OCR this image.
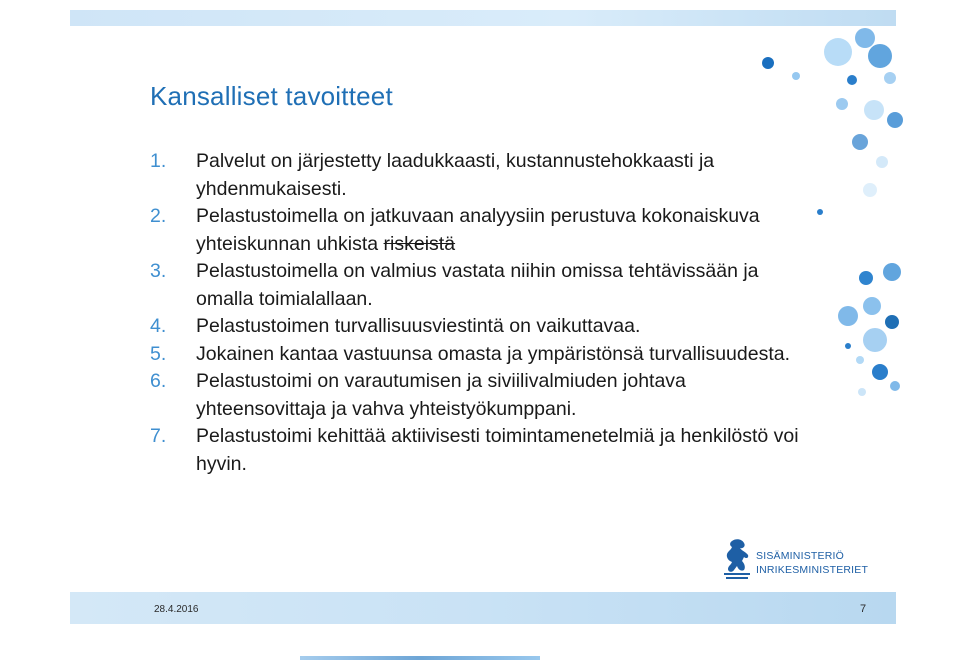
Kansalliset tavoitteet
1.	Palvelut on järjestetty laadukkaasti, kustannustehokkaasti ja yhdenmukaisesti.
2.	Pelastustoimella on jatkuvaan analyysiin perustuva kokonaiskuva yhteiskunnan uhkista riskeistä
3.	Pelastustoimella on valmius vastata niihin omissa tehtävissään ja omalla toimialallaan.
4.	Pelastustoimen turvallisuusviestintä on vaikuttavaa.
5.	Jokainen kantaa vastuunsa omasta ja ympäristönsä turvallisuudesta.
6.	Pelastustoimi on varautumisen ja siviilivalmiuden johtava yhteensovittaja ja vahva yhteistyökumppani.
7.	Pelastustoimi kehittää aktiivisesti toimintamenetelmiä ja henkilöstö voi hyvin.
SISÄMINISTERIÖ
INRIKESMINISTERIET
28.4.2016	7
